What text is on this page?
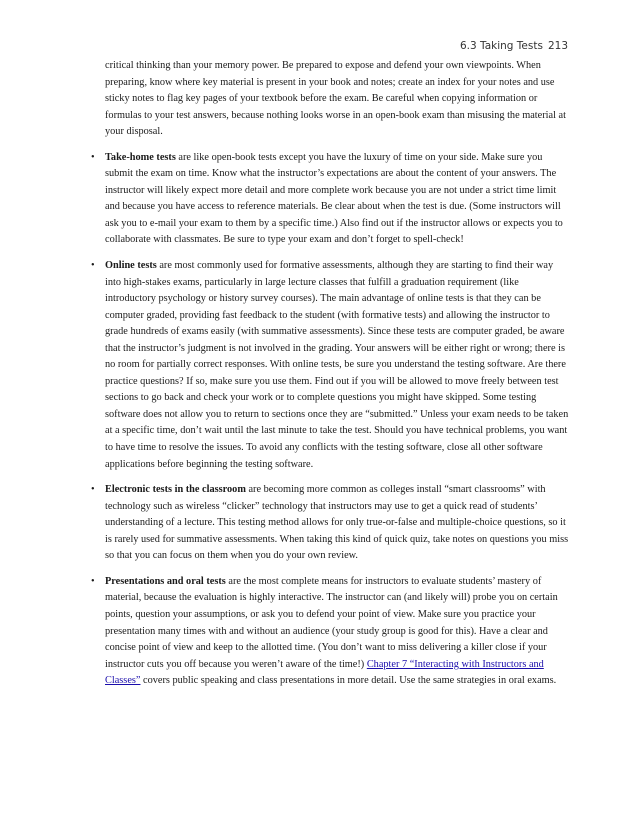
6.3 Taking Tests 213

critical thinking than your memory power. Be prepared to expose and defend your own viewpoints. When preparing, know where key material is present in your book and notes; create an index for your notes and use sticky notes to flag key pages of your textbook before the exam. Be careful when copying information or formulas to your test answers, because nothing looks worse in an open-book exam than misusing the material at your disposal.

• Take-home tests are like open-book tests except you have the luxury of time on your side. Make sure you submit the exam on time. Know what the instructor’s expectations are about the content of your answers. The instructor will likely expect more detail and more complete work because you are not under a strict time limit and because you have access to reference materials. Be clear about when the test is due. (Some instructors will ask you to e-mail your exam to them by a specific time.) Also find out if the instructor allows or expects you to collaborate with classmates. Be sure to type your exam and don’t forget to spell-check!
• Online tests are most commonly used for formative assessments, although they are starting to find their way into high-stakes exams, particularly in large lecture classes that fulfill a graduation requirement (like introductory psychology or history survey courses). The main advantage of online tests is that they can be computer graded, providing fast feedback to the student (with formative tests) and allowing the instructor to grade hundreds of exams easily (with summative assessments). Since these tests are computer graded, be aware that the instructor’s judgment is not involved in the grading. Your answers will be either right or wrong; there is no room for partially correct responses. With online tests, be sure you understand the testing software. Are there practice questions? If so, make sure you use them. Find out if you will be allowed to move freely between test sections to go back and check your work or to complete questions you might have skipped. Some testing software does not allow you to return to sections once they are “submitted.” Unless your exam needs to be taken at a specific time, don’t wait until the last minute to take the test. Should you have technical problems, you want to have time to resolve the issues. To avoid any conflicts with the testing software, close all other software applications before beginning the testing software.
• Electronic tests in the classroom are becoming more common as colleges install “smart classrooms” with technology such as wireless “clicker” technology that instructors may use to get a quick read of students’ understanding of a lecture. This testing method allows for only true-or-false and multiple-choice questions, so it is rarely used for summative assessments. When taking this kind of quick quiz, take notes on questions you miss so that you can focus on them when you do your own review.
• Presentations and oral tests are the most complete means for instructors to evaluate students’ mastery of material, because the evaluation is highly interactive. The instructor can (and likely will) probe you on certain points, question your assumptions, or ask you to defend your point of view. Make sure you practice your presentation many times with and without an audience (your study group is good for this). Have a clear and concise point of view and keep to the allotted time. (You don’t want to miss delivering a killer close if your instructor cuts you off because you weren’t aware of the time!) Chapter 7 “Interacting with Instructors and Classes” covers public speaking and class presentations in more detail. Use the same strategies in oral exams.
